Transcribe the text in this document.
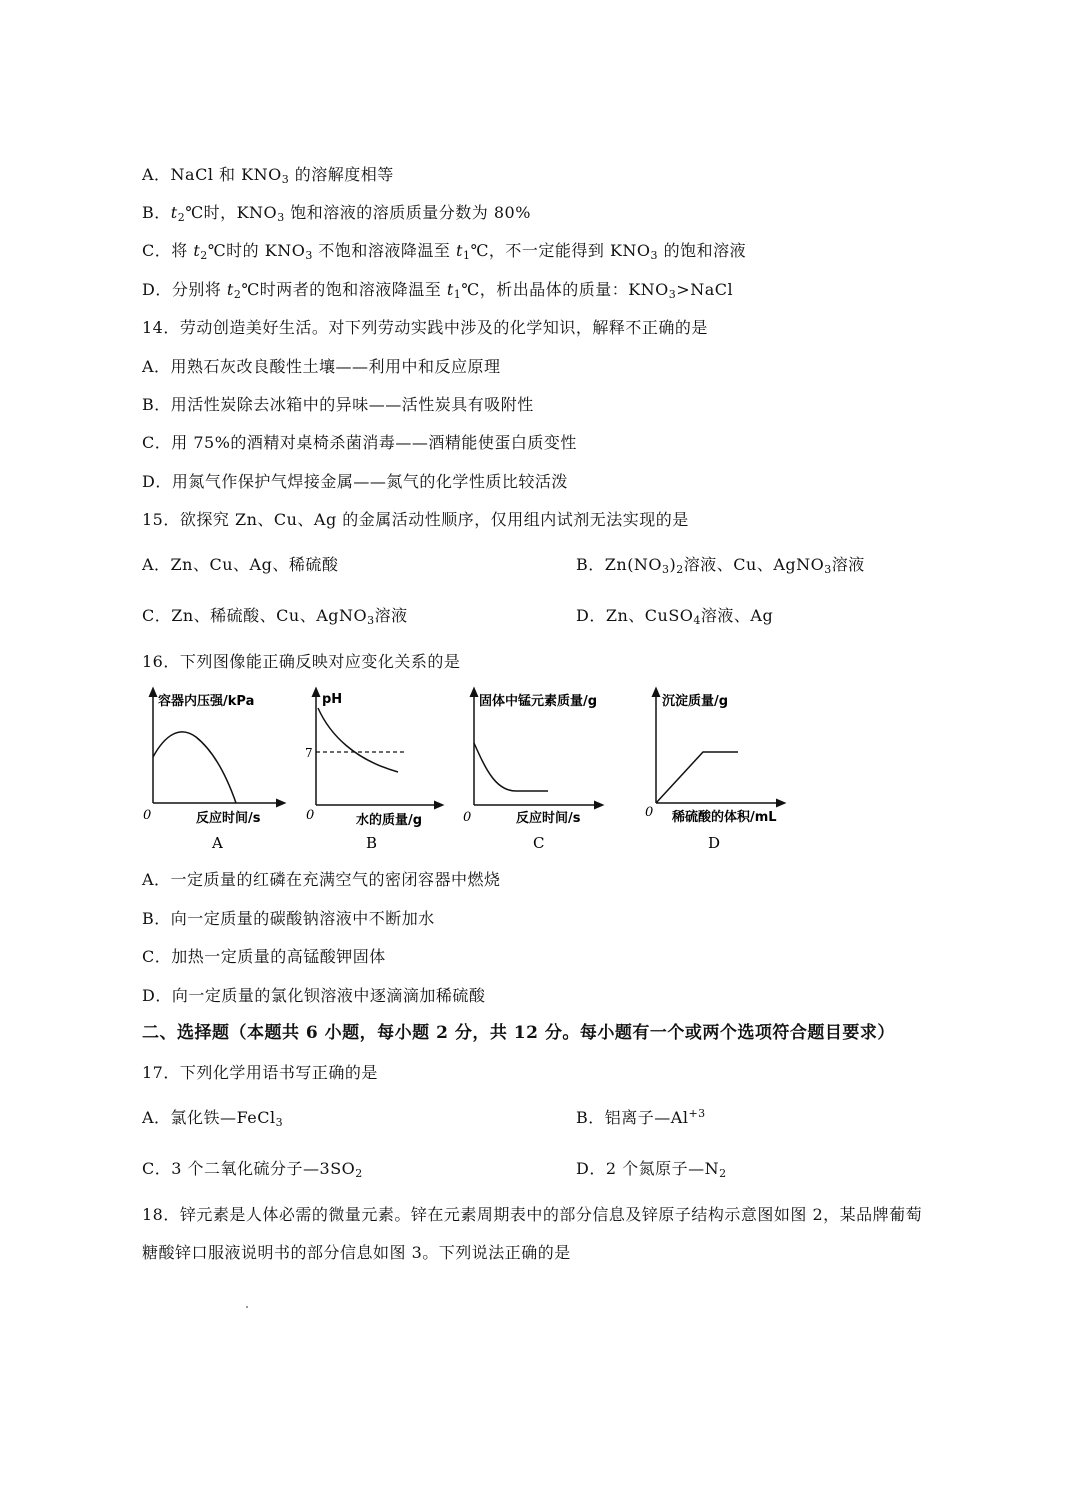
A．NaCl 和 $KNO_3$ 的溶解度相等
B．$t_2℃$时，$KNO_3$ 饱和溶液的溶质质量分数为 80%
C．将 $t_2℃$时的 $KNO_3$ 不饱和溶液降温至 $t_1℃$，不一定能得到 $KNO_3$ 的饱和溶液
D．分别将 $t_2℃$时两者的饱和溶液降温至 $t_1℃$，析出晶体的质量：$KNO_3>NaCl$
14．劳动创造美好生活。对下列劳动实践中涉及的化学知识，解释不正确的是
A．用熟石灰改良酸性土壤——利用中和反应原理
B．用活性炭除去冰箱中的异味——活性炭具有吸附性
C．用 75%的酒精对桌椅杀菌消毒——酒精能使蛋白质变性
D．用氮气作保护气焊接金属——氮气的化学性质比较活泼
15．欲探究 Zn、Cu、Ag 的金属活动性顺序，仅用组内试剂无法实现的是
A．Zn、Cu、Ag、稀硫酸	B．$Zn(NO_3)_2$溶液、Cu、AgNO$_3$溶液
C．Zn、稀硫酸、Cu、AgNO$_3$溶液	D．Zn、CuSO$_4$溶液、Ag
16．下列图像能正确反映对应变化关系的是
容器内压强/kPa
0	反应时间/s
A
pH
7
0	水的质量/g
B
固体中锰元素质量/g
0	反应时间/s
C
沉淀质量/g
0 稀硫酸的体积/mL
D
A．一定质量的红磷在充满空气的密闭容器中燃烧
B．向一定质量的碳酸钠溶液中不断加水
C．加热一定质量的高锰酸钾固体
D．向一定质量的氯化钡溶液中逐滴滴加稀硫酸
二、选择题（本题共 6 小题，每小题 2 分，共 12 分。每小题有一个或两个选项符合题目要求）
17．下列化学用语书写正确的是
A．氯化铁—FeCl$_3$	B．铝离子$—Al^{+3}$
C．3 个二氧化硫分子$—3SO_2$	D．2 个氮原子$—N_2$
18．锌元素是人体必需的微量元素。锌在元素周期表中的部分信息及锌原子结构示意图如图 2，某品牌葡萄
糖酸锌口服液说明书的部分信息如图 3。下列说法正确的是
